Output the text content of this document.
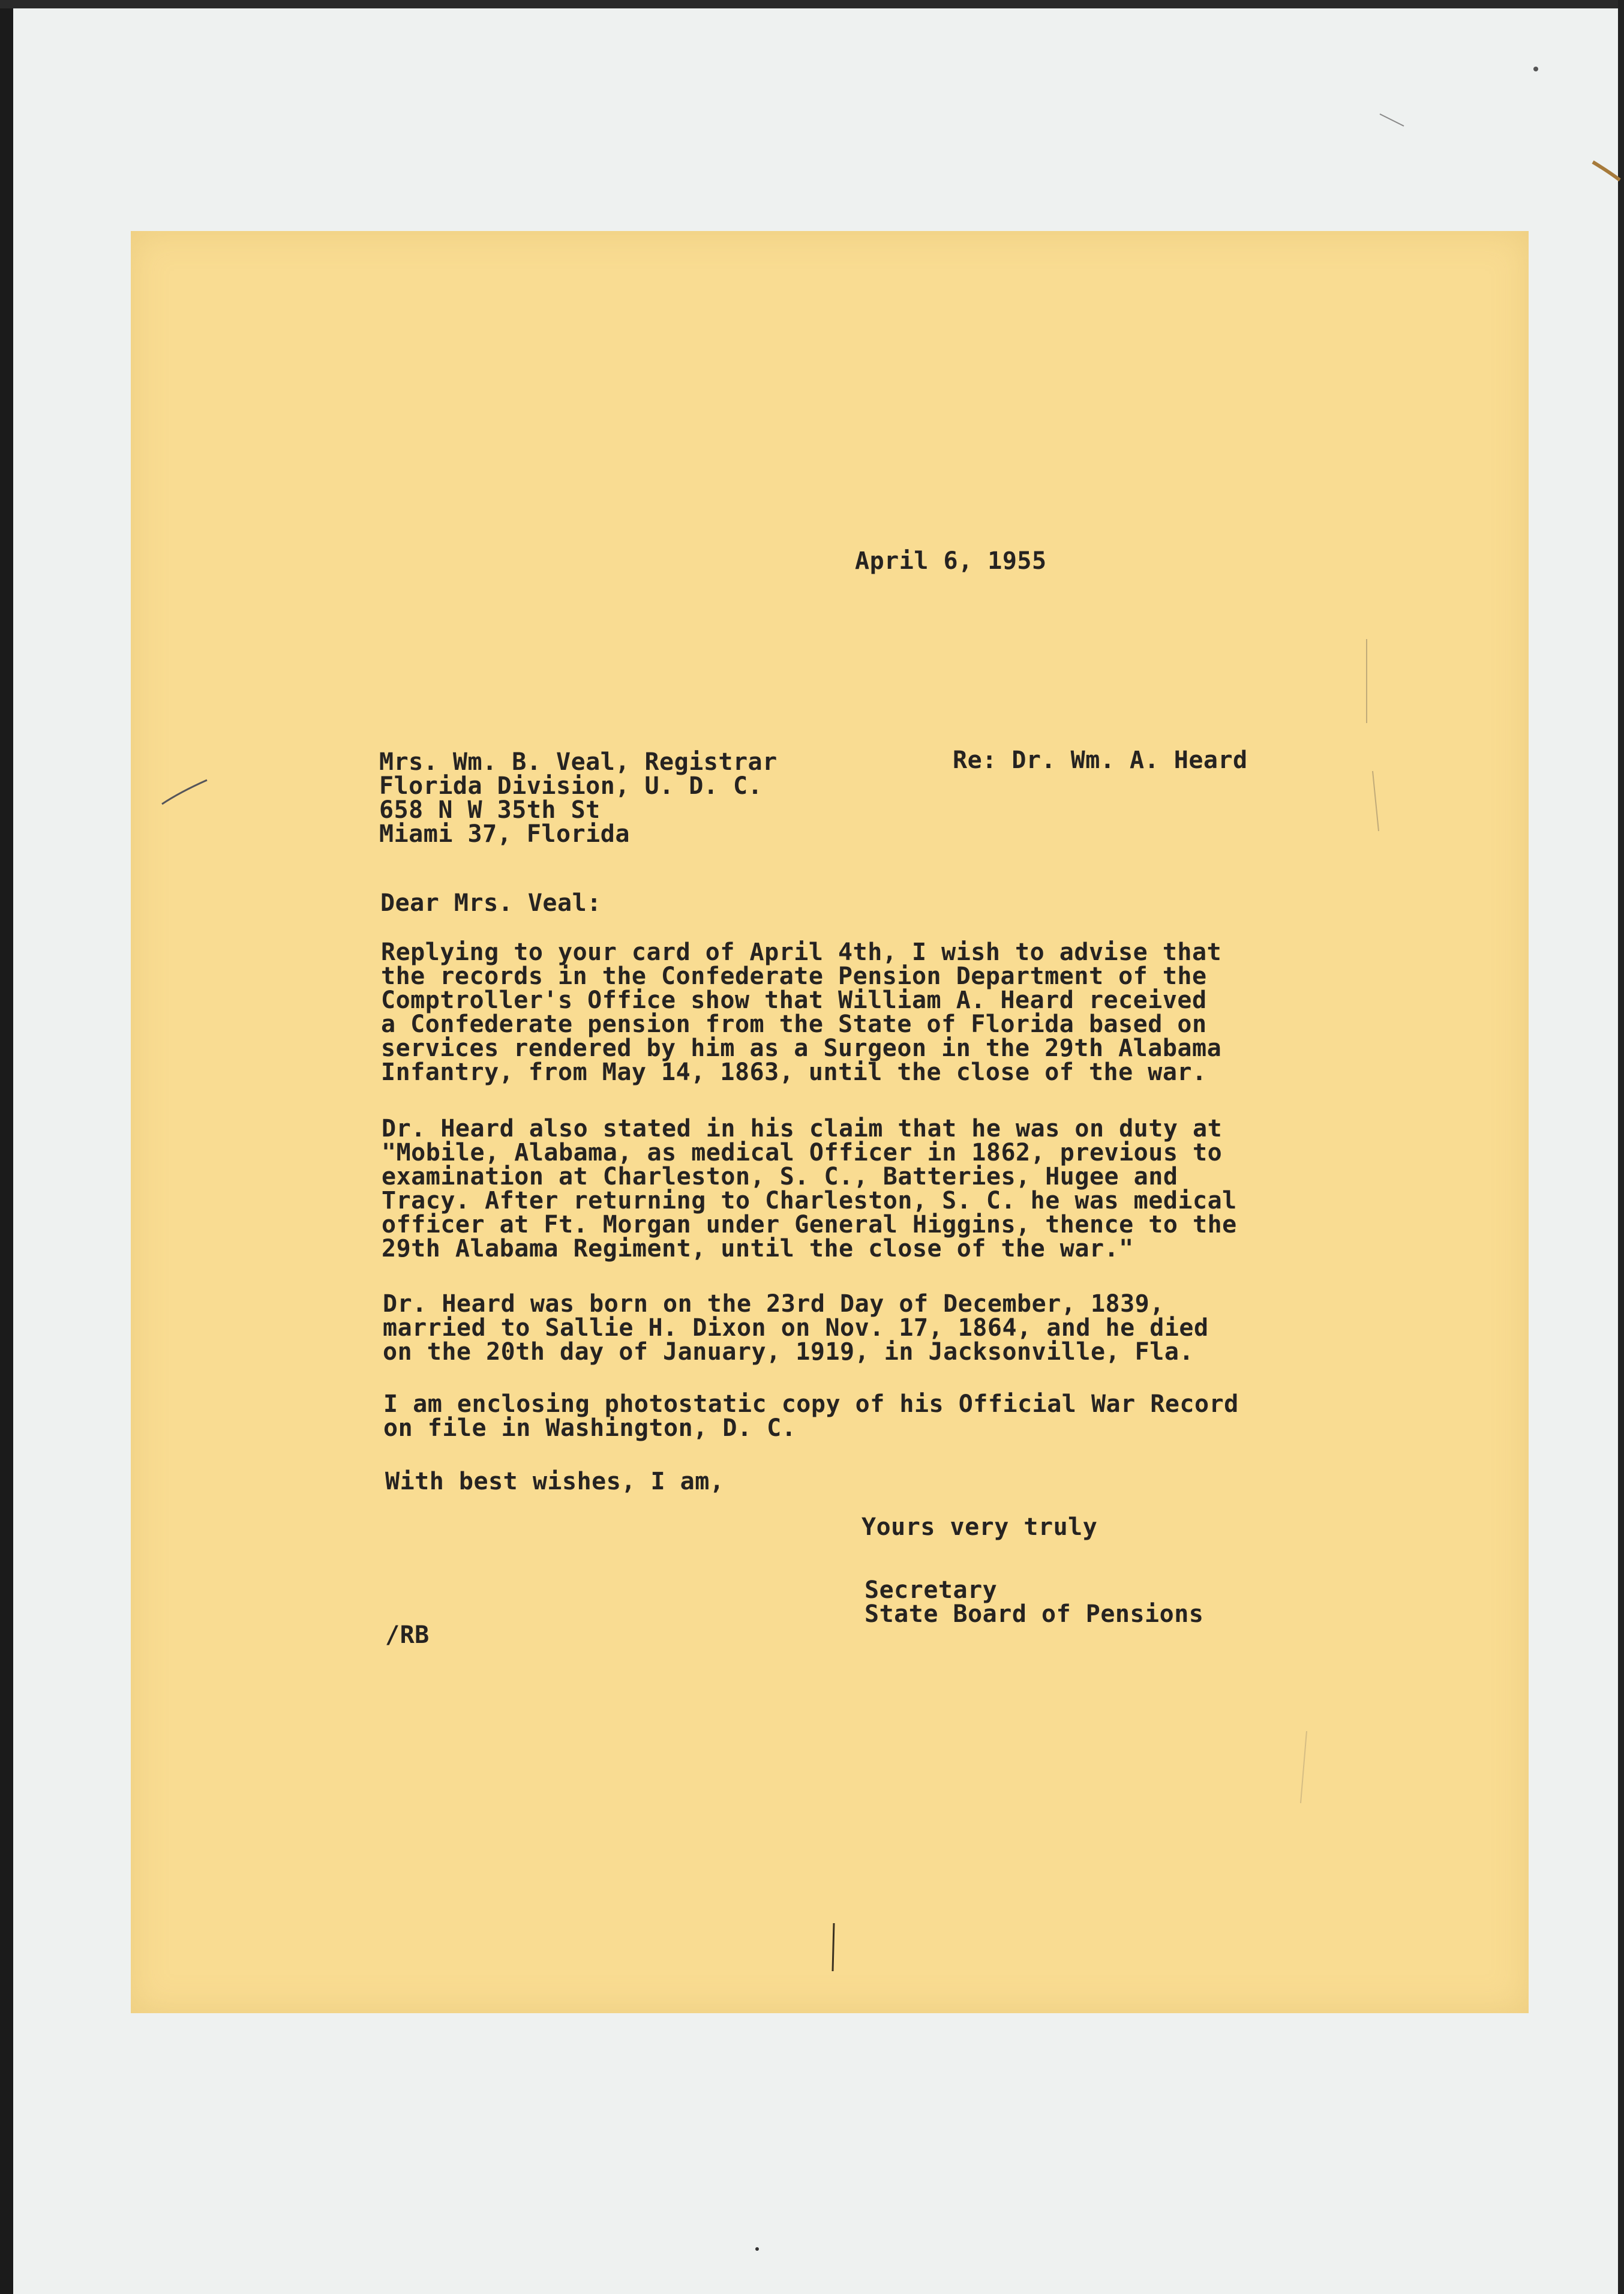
April 6, 1955
Mrs. Wm. B. Veal, Registrar
Florida Division, U. D. C.
658 N W 35th St
Miami 37, Florida
Re: Dr. Wm. A. Heard
Dear Mrs. Veal:
Replying to your card of April 4th, I wish to advise that
the records in the Confederate Pension Department of the
Comptroller's Office show that William A. Heard received
a Confederate pension from the State of Florida based on
services rendered by him as a Surgeon in the 29th Alabama
Infantry, from May 14, 1863, until the close of the war.
Dr. Heard also stated in his claim that he was on duty at
"Mobile, Alabama, as medical Officer in 1862, previous to
examination at Charleston, S. C., Batteries, Hugee and
Tracy. After returning to Charleston, S. C. he was medical
officer at Ft. Morgan under General Higgins, thence to the
29th Alabama Regiment, until the close of the war."
Dr. Heard was born on the 23rd Day of December, 1839,
married to Sallie H. Dixon on Nov. 17, 1864, and he died
on the 20th day of January, 1919, in Jacksonville, Fla.
I am enclosing photostatic copy of his Official War Record
on file in Washington, D. C.
With best wishes, I am,
Yours very truly
Secretary
State Board of Pensions
/RB
